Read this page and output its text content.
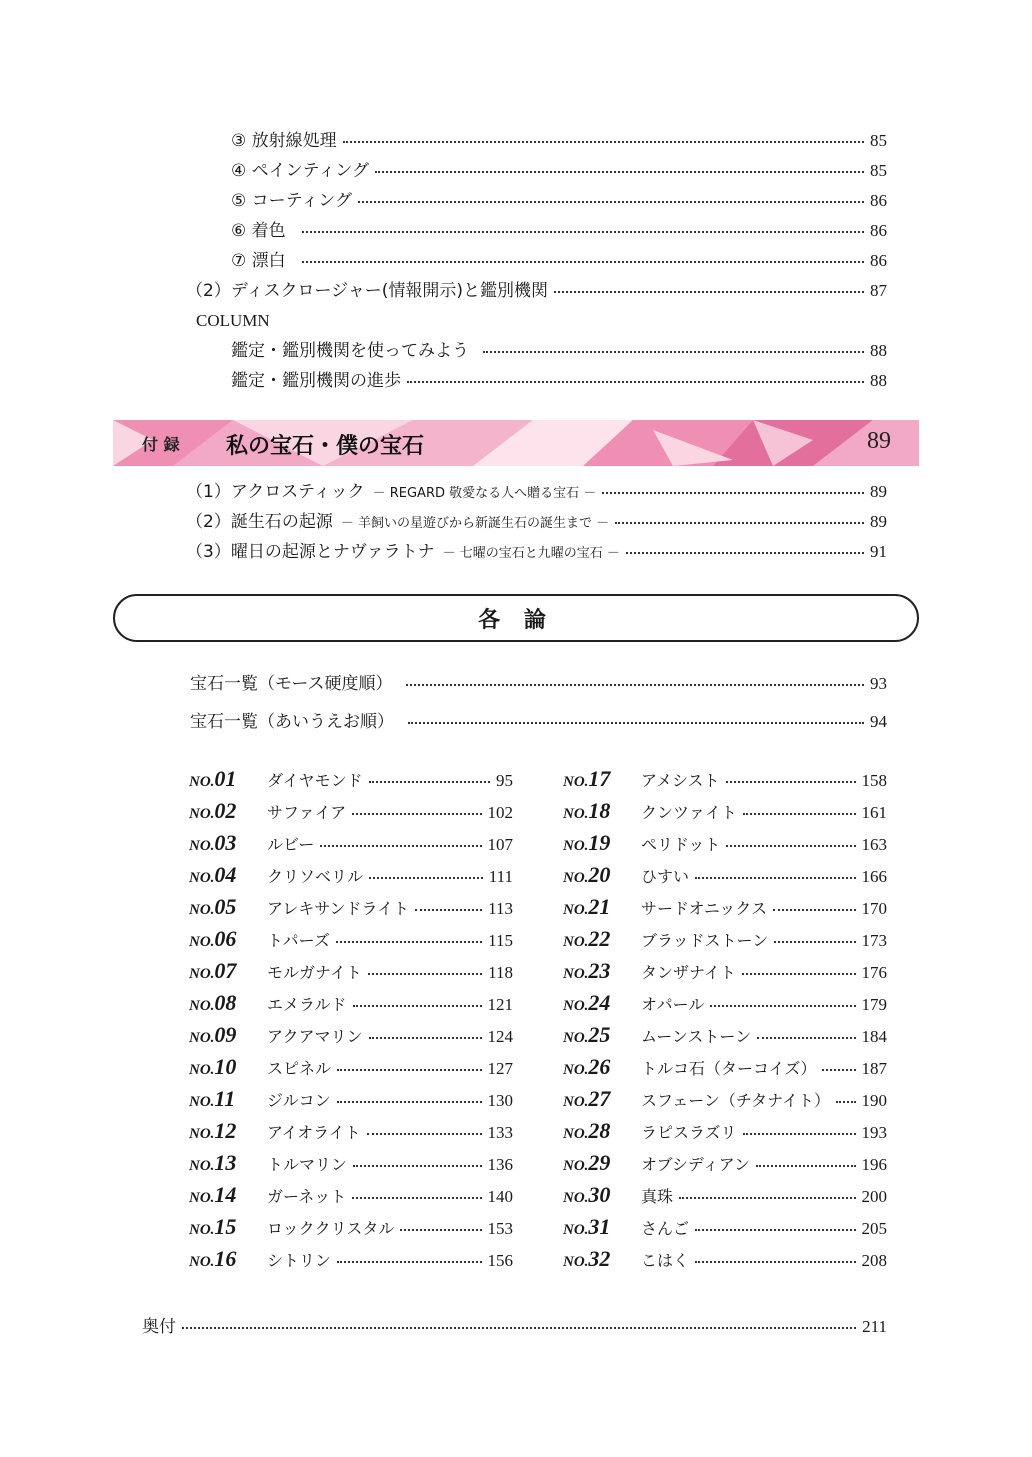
③ 放射線処理	85
④ ペインティング	85
⑤ コーティング	86
⑥ 着色	86
⑦ 漂白	86
（2）ディスクロージャー(情報開示)と鑑別機関	87
COLUMN
鑑定・鑑別機関を使ってみよう	88
鑑定・鑑別機関の進歩	88
付 録 私の宝石・僕の宝石	89
（1）アクロスティック － REGARD 敬愛なる人へ贈る宝石 －	89
（2）誕生石の起源 － 羊飼いの星遊びから新誕生石の誕生まで －	89
（3）曜日の起源とナヴァラトナ － 七曜の宝石と九曜の宝石 －	91
各 論
宝石一覧（モース硬度順）	93
宝石一覧（あいうえお順）	94
NO.01	ダイヤモンド	95
NO.02	サファイア	102
NO.03	ルビー	107
NO.04	クリソベリル	111
NO.05	アレキサンドライト	113
NO.06	トパーズ	115
NO.07	モルガナイト	118
NO.08	エメラルド	121
NO.09	アクアマリン	124
NO.10	スピネル	127
NO.11	ジルコン	130
NO.12	アイオライト	133
NO.13	トルマリン	136
NO.14	ガーネット	140
NO.15	ロッククリスタル	153
NO.16	シトリン	156
NO.17	アメシスト	158
NO.18	クンツァイト	161
NO.19	ペリドット	163
NO.20	ひすい	166
NO.21	サードオニックス	170
NO.22	ブラッドストーン	173
NO.23	タンザナイト	176
NO.24	オパール	179
NO.25	ムーンストーン	184
NO.26	トルコ石（ターコイズ）	187
NO.27	スフェーン（チタナイト） 190
NO.28	ラピスラズリ	193
NO.29	オブシディアン	196
NO.30	真珠	200
NO.31	さんご	205
NO.32	こはく	208
奥付	211
